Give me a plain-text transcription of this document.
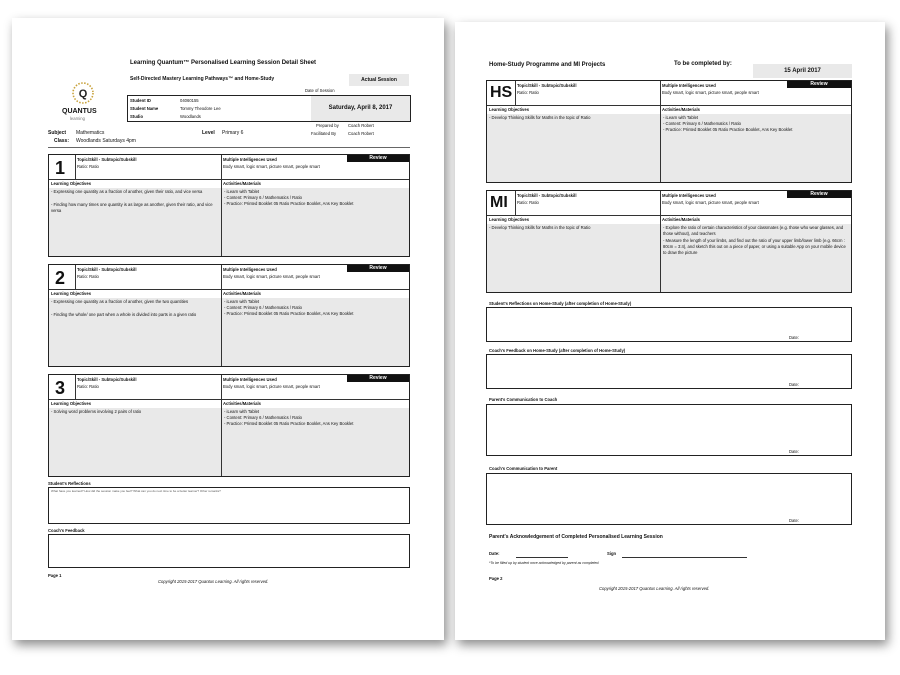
Q
QUANTUS
learning
Learning Quantum™ Personalised Learning Session Detail Sheet
Self-Directed Mastery Learning Pathways™ and Home-Study	Actual Session
Date of Session
Student ID	04060155
Student Name	Tommy Theodore Lee
Studio	Woodlands
Saturday, April 8, 2017
Prepared by Coach Robert
Facilitated By	Coach Robert
Subject Mathematics	Level Primary 6
Class: Woodlands Saturdays 4pm
1	Topic/Skill - Subtopic/Subskill
Ratio: Ratio
Multiple Intelligences Used
Body smart, logic smart, picture smart, people smart
Review
Learning Objectives
- Expressing one quantity as a fraction of another, given their ratio, and vice versa
- Finding how many times one quantity is as large as another, given their ratio, and vice versa
Activities/Materials
- iLearn with Tablet
- Content: Primary 6 / Mathematics / Ratio
- Practice: Printed Booklet 05 Ratio Practice Booklet, Ans Key Booklet
2	Topic/Skill - Subtopic/Subskill
Ratio: Ratio
Multiple Intelligences Used
Body smart, logic smart, picture smart, people smart
Review
Learning Objectives
- Expressing one quantity as a fraction of another, given the two quantities
- Finding the whole/ one part when a whole is divided into parts in a given ratio
Activities/Materials
- iLearn with Tablet
- Content: Primary 6 / Mathematics / Ratio
- Practice: Printed Booklet 05 Ratio Practice Booklet, Ans Key Booklet
3	Topic/Skill - Subtopic/Subskill
Ratio: Ratio
Multiple Intelligences Used
Body smart, logic smart, picture smart, people smart
Review
Learning Objectives
- Solving word problems involving 2 pairs of ratio
Activities/Materials
- iLearn with Tablet
- Content: Primary 6 / Mathematics / Ratio
- Practice: Printed Booklet 05 Ratio Practice Booklet, Ans Key Booklet
Student's Reflections
What have you learned? How did the session make you feel? What can you do next time to be a better learner? Other remarks?
Coach's Feedback
Page 1
Copyright 2015-2017 Quantus Learning. All rights reserved.
Home-Study Programme and MI Projects	To be completed by:
15 April 2017
HS Topic/Skill - Subtopic/Subskill
Ratio: Ratio
Multiple Intelligences Used
Body smart, logic smart, picture smart, people smart
Review
Learning Objectives
- Develop Thinking Skills for Maths in the topic of Ratio
Activities/Materials
- iLearn with Tablet
- Content: Primary 6 / Mathematics / Ratio
- Practice: Printed Booklet 05 Ratio Practice Booklet, Ans Key Booklet
MI Topic/Skill - Subtopic/Subskill
Ratio: Ratio
Multiple Intelligences Used
Body smart, logic smart, picture smart, people smart
Review
Learning Objectives
- Develop Thinking Skills for Maths in the topic of Ratio
Activities/Materials
- Explore the ratio of certain characteristics of your classmates (e.g. those who wear glasses, and those without), and teachers
- Measure the length of your limbs, and find out the ratio of your upper limb/lower limb (e.g. 66cm : 80cm = 3:4), and sketch this out on a piece of paper, or using a suitable App on your mobile device to draw the picture
Student's Reflections on Home-Study (after completion of Home-Study)
Date:
Coach's Feedback on Home-Study (after completion of Home-Study)
Date:
Parent's Communication to Coach
Date:
Coach's Communication to Parent
Date:
Parent's Acknowledgement of Completed Personalised Learning Session
Date:	Sign
*To be filled up by student once acknowledged by parent as completed.
Page 2
Copyright 2015-2017 Quantus Learning. All rights reserved.
